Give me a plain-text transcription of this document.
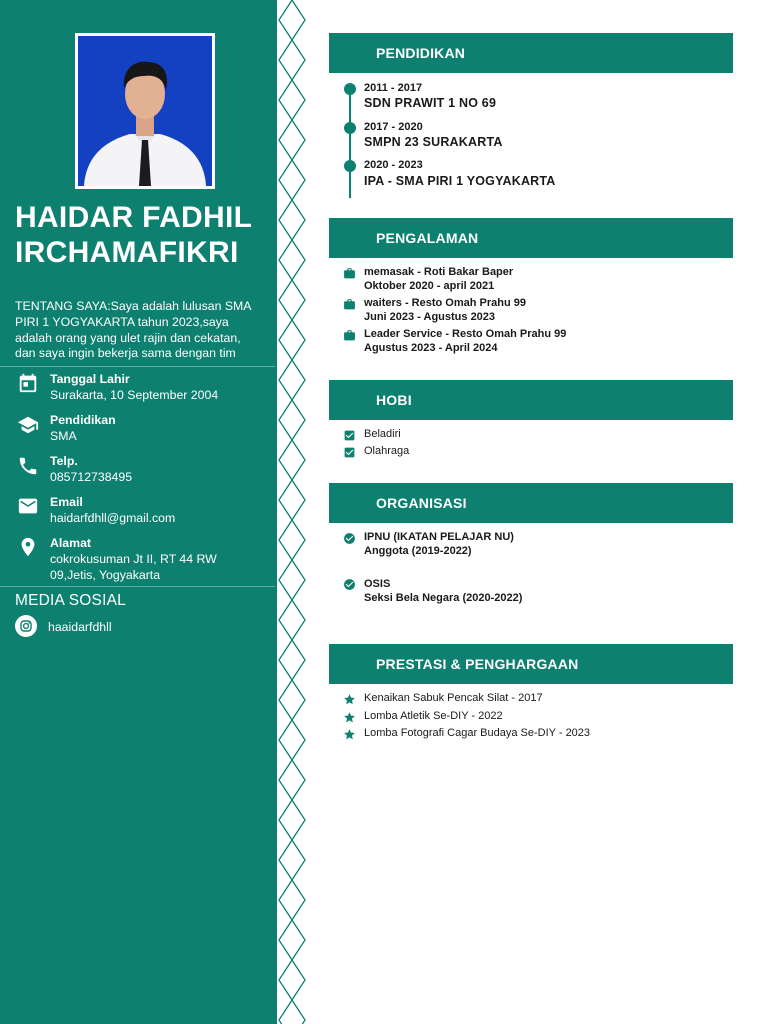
HAIDAR FADHIL
IRCHAMAFIKRI
TENTANG SAYA:Saya adalah lulusan SMA
PIRI 1 YOGYAKARTA tahun 2023,saya
adalah orang yang ulet rajin dan cekatan,
dan saya ingin bekerja sama dengan tim
Tanggal Lahir
Surakarta, 10 September 2004
Pendidikan
SMA
Telp.
085712738495
Email
haidarfdhll@gmail.com
Alamat
cokrokusuman Jt II, RT 44 RW
09,Jetis, Yogyakarta
MEDIA SOSIAL
haaidarfdhll
PENDIDIKAN
2011 - 2017
SDN PRAWIT 1 NO 69
2017 - 2020
SMPN 23 SURAKARTA
2020 - 2023
IPA - SMA PIRI 1 YOGYAKARTA
PENGALAMAN
memasak - Roti Bakar Baper
Oktober 2020 - april 2021
waiters - Resto Omah Prahu 99
Juni 2023 - Agustus 2023
Leader Service - Resto Omah Prahu 99
Agustus 2023 - April 2024
HOBI
Beladiri
Olahraga
ORGANISASI
IPNU (IKATAN PELAJAR NU)
Anggota (2019-2022)
OSIS
Seksi Bela Negara (2020-2022)
PRESTASI & PENGHARGAAN
Kenaikan Sabuk Pencak Silat - 2017
Lomba Atletik Se-DIY - 2022
Lomba Fotografi Cagar Budaya Se-DIY - 2023
